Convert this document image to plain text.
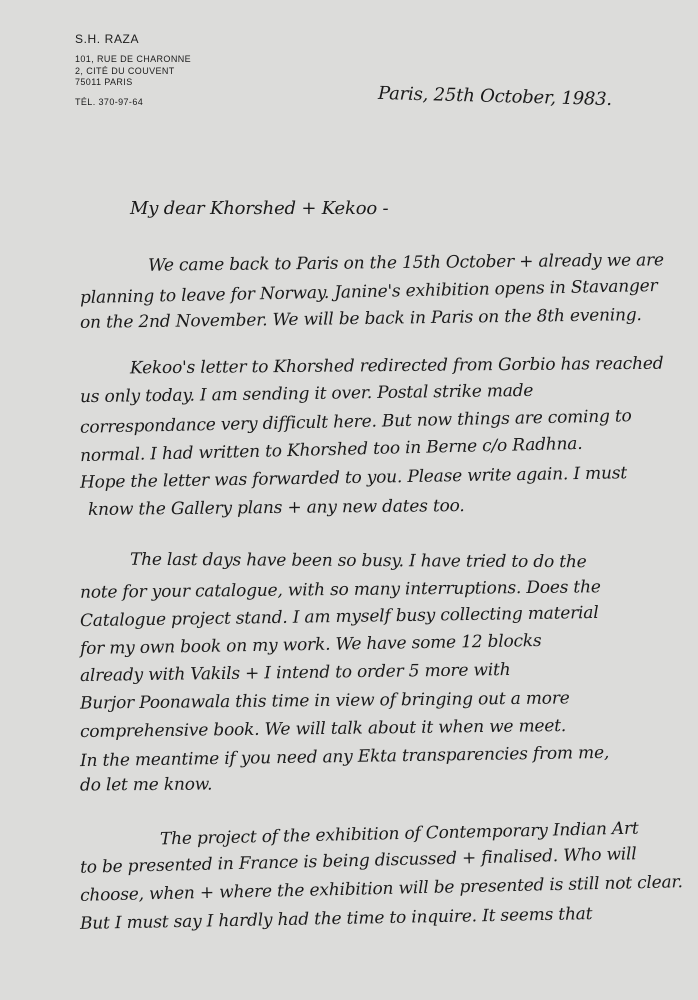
S.H. RAZA
101, RUE DE CHARONNE
2, CITÉ DU COUVENT
75011 PARIS
TÉL. 370-97-64	Paris, 25th October, 1983.
My dear Khorshed + Kekoo -
We came back to Paris on the 15th October + already we are
planning to leave for Norway. Janine's exhibition opens in Stavanger
on the 2nd November. We will be back in Paris on the 8th evening.
Kekoo's letter to Khorshed redirected from Gorbio has reached
us only today. I am sending it over. Postal strike made
correspondance very difficult here. But now things are coming to
normal. I had written to Khorshed too in Berne c/o Radhna.
Hope the letter was forwarded to you. Please write again. I must
know the Gallery plans + any new dates too.
The last days have been so busy. I have tried to do the
note for your catalogue, with so many interruptions. Does the
Catalogue project stand. I am myself busy collecting material
for my own book on my work. We have some 12 blocks
already with Vakils + I intend to order 5 more with
Burjor Poonawala this time in view of bringing out a more
comprehensive book. We will talk about it when we meet.
In the meantime if you need any Ekta transparencies from me,
do let me know.
The project of the exhibition of Contemporary Indian Art
to be presented in France is being discussed + finalised. Who will
choose, when + where the exhibition will be presented is still not clear.
But I must say I hardly had the time to inquire. It seems that
